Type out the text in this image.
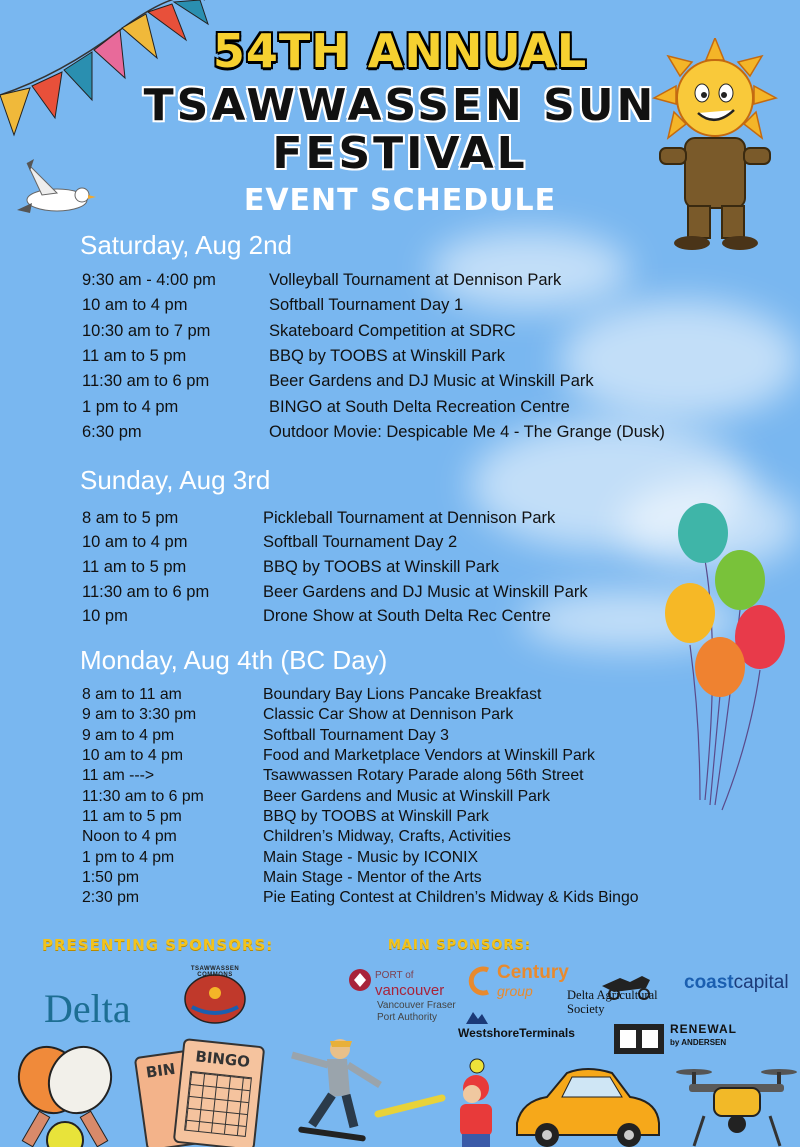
54TH ANNUAL
TSAWWASSEN SUN
FESTIVAL
EVENT SCHEDULE
Saturday, Aug 2nd
9:30 am - 4:00 pm	Volleyball Tournament at Dennison Park
10 am to 4 pm	Softball Tournament Day 1
10:30 am to 7 pm	Skateboard Competition at SDRC
11 am to 5 pm	BBQ by TOOBS at Winskill Park
11:30 am to 6 pm	Beer Gardens and DJ Music at Winskill Park
1 pm to 4 pm	BINGO at South Delta Recreation Centre
6:30 pm	Outdoor Movie: Despicable Me 4 - The Grange (Dusk)
Sunday, Aug 3rd
8 am to 5 pm	Pickleball Tournament at Dennison Park
10 am to 4 pm	Softball Tournament Day 2
11 am to 5 pm	BBQ by TOOBS at Winskill Park
11:30 am to 6 pm	Beer Gardens and DJ Music at Winskill Park
10 pm	Drone Show at South Delta Rec Centre
Monday, Aug 4th (BC Day)
8 am to 11 am	Boundary Bay Lions Pancake Breakfast
9 am to 3:30 pm	Classic Car Show at Dennison Park
9 am to 4 pm	Softball Tournament Day 3
10 am to 4 pm	Food and Marketplace Vendors at Winskill Park
11 am --->	Tsawwassen Rotary Parade along 56th Street
11:30 am to 6 pm	Beer Gardens and Music at Winskill Park
11 am to 5 pm	BBQ by TOOBS at Winskill Park
Noon to 4 pm	Children’s Midway, Crafts, Activities
1 pm to 4 pm	Main Stage - Music by ICONIX
1:50 pm	Main Stage - Mentor of the Arts
2:30 pm	Pie Eating Contest at Children’s Midway & Kids Bingo
PRESENTING SPONSORS:	MAIN SPONSORS:
Delta
TSAWWASSEN COMMONS	PORT of
vancouver
Vancouver Fraser Port Authority
Century
group	Delta Agricultural Society
coastcapital
WestshoreTerminals	RENEWAL
by ANDERSEN
BIN	BINGO
